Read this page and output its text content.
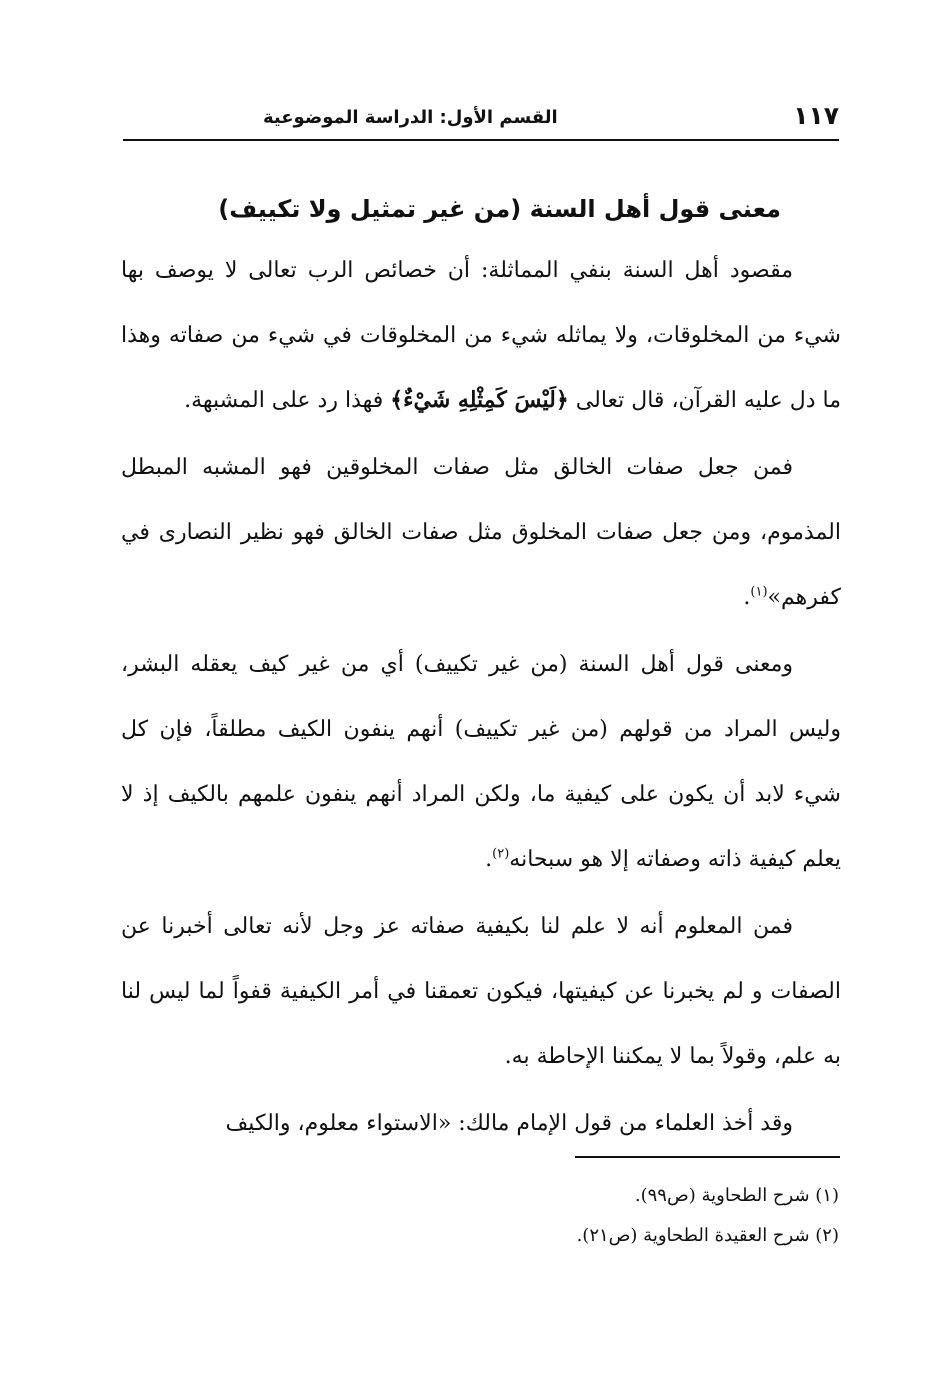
١١٧
القسم الأول: الدراسة الموضوعية
معنى قول أهل السنة (من غير تمثيل ولا تكييف)

مقصود أهل السنة بنفي المماثلة: أن خصائص الرب تعالى لا يوصف بها شيء من المخلوقات، ولا يماثله شيء من المخلوقات في شيء من صفاته وهذا ما دل عليه القرآن، قال تعالى ﴿لَيْسَ كَمِثْلِهِ شَيْءٌ﴾ فهذا رد على المشبهة.

فمن جعل صفات الخالق مثل صفات المخلوقين فهو المشبه المبطل المذموم، ومن جعل صفات المخلوق مثل صفات الخالق فهو نظير النصارى في كفرهم»$^{(١)}$.

ومعنى قول أهل السنة (من غير تكييف) أي من غير كيف يعقله البشر، وليس المراد من قولهم (من غير تكييف) أنهم ينفون الكيف مطلقاً، فإن كل شيء لابد أن يكون على كيفية ما، ولكن المراد أنهم ينفون علمهم بالكيف إذ لا يعلم كيفية ذاته وصفاته إلا هو سبحانه$^{(٢)}$.

فمن المعلوم أنه لا علم لنا بكيفية صفاته عز وجل لأنه تعالى أخبرنا عن الصفات و لم يخبرنا عن كيفيتها، فيكون تعمقنا في أمر الكيفية قفواً لما ليس لنا به علم، وقولاً بما لا يمكننا الإحاطة به.

وقد أخذ العلماء من قول الإمام مالك: «الاستواء معلوم، والكيف

(١) شرح الطحاوية (ص٩٩).

(٢) شرح العقيدة الطحاوية (ص٢١).
